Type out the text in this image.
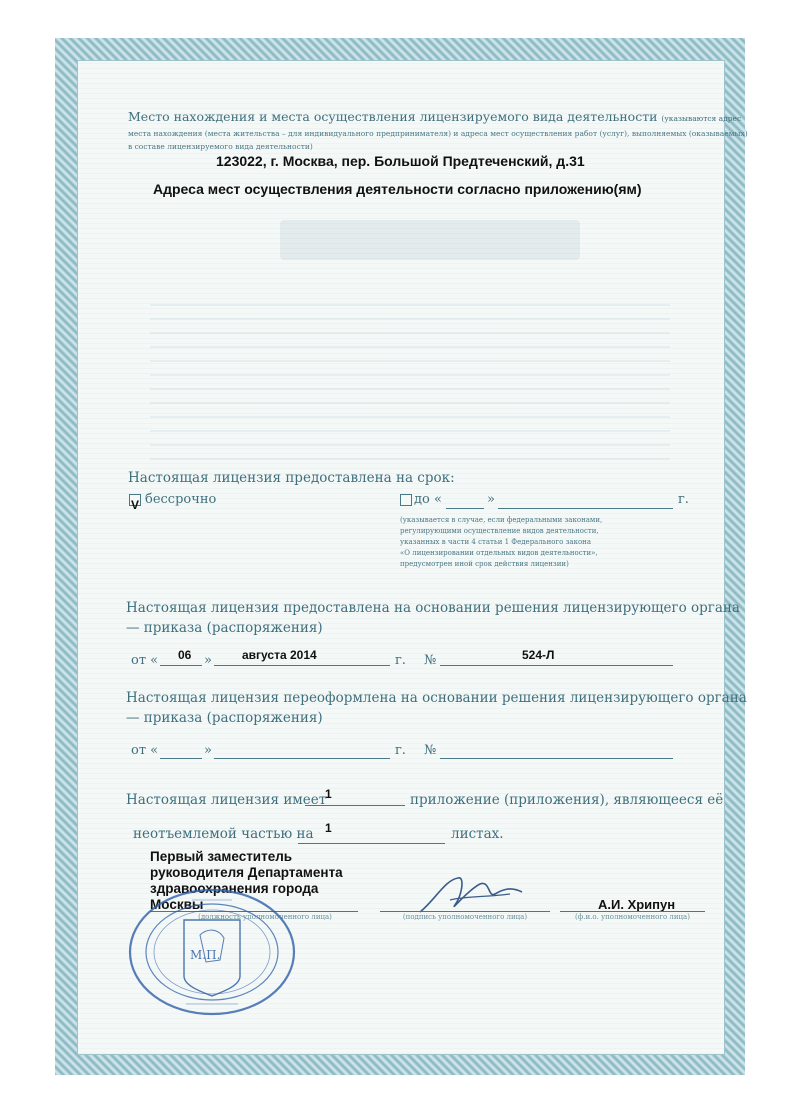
Место нахождения и места осуществления лицензируемого вида деятельности (указываются адрес
места нахождения (места жительства – для индивидуального предпринимателя) и адреса мест осуществления работ (услуг), выполняемых (оказываемых)
в составе лицензируемого вида деятельности)
123022, г. Москва, пер. Большой Предтеченский, д.31
Адреса мест осуществления деятельности согласно приложению(ям)
Настоящая лицензия предоставлена на срок:
V бессрочно	до «	»	г.
(указывается в случае, если федеральными законами,
регулирующими осуществление видов деятельности,
указанных в части 4 статьи 1 Федерального закона
«О лицензировании отдельных видов деятельности»,
предусмотрен иной срок действия лицензии)
Настоящая лицензия предоставлена на основании решения лицензирующего органа
— приказа (распоряжения)
от « 06 »	августа 2014	г. №	524-Л
Настоящая лицензия переоформлена на основании решения лицензирующего органа
— приказа (распоряжения)
от «	»	г. №
Настоящая лицензия имеет
1	приложение (приложения), являющееся её
неотъемлемой частью на 1	листах.
Первый заместитель
руководителя Департамента
здравоохранения города
Москвы
(должность уполномоченного лица)	(подпись уполномоченного лица)
А.И. Хрипун
(ф.и.о. уполномоченного лица)
М.П.
